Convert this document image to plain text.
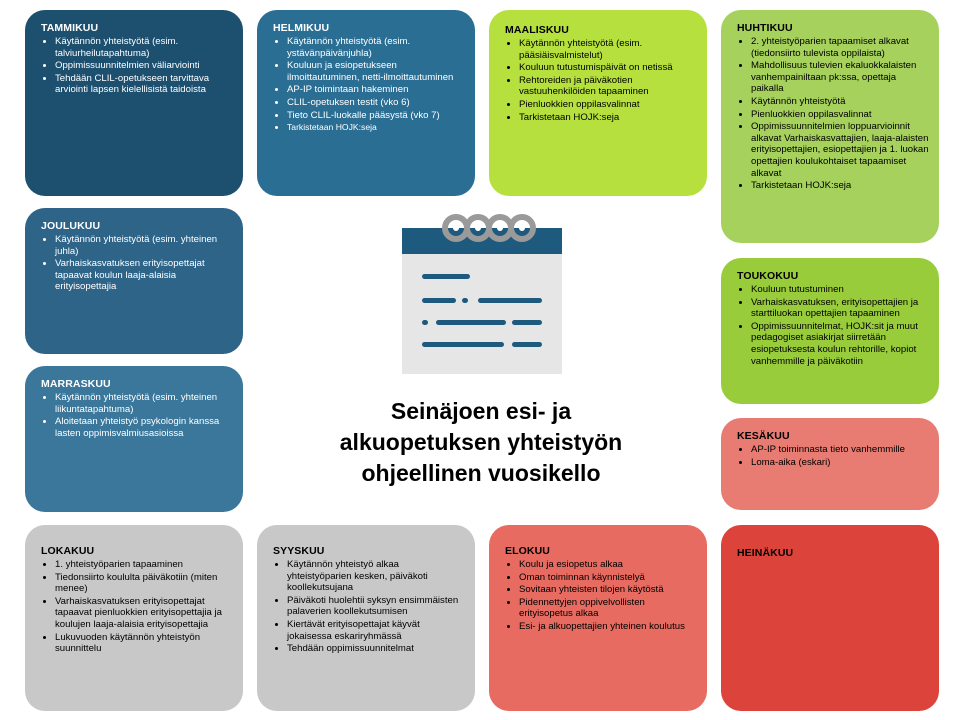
TAMMIKUU
• Käytännön yhteistyötä (esim. talviurheilutapahtuma)
• Oppimissuunnitelmien väliarviointi
• Tehdään CLIL-opetukseen tarvittava arviointi lapsen kielellisistä taidoista
HELMIKUU
• Käytännön yhteistyötä (esim. ystävänpäivänjuhla)
• Kouluun ja esiopetukseen ilmoittautuminen, netti-ilmoittautuminen
• AP-IP toimintaan hakeminen
• CLIL-opetuksen testit (vko 6)
• Tieto CLIL-luokalle pääsystä (vko 7)
• Tarkistetaan HOJK:seja
MAALISKUU
• Käytännön yhteistyötä (esim. pääsiäisvalmistelut)
• Kouluun tutustumispäivät on netissä
• Rehtoreiden ja päiväkotien vastuuhenkilöiden tapaaminen
• Pienluokkien oppilasvalinnat
• Tarkistetaan HOJK:seja
HUHTIKUU
• 2. yhteistyöparien tapaamiset alkavat (tiedonsiirto tulevista oppilaista)
• Mahdollisuus tulevien ekaluokkalaisten vanhempainiltaan pk:ssa, opettaja paikalla
• Käytännön yhteistyötä
• Pienluokkien oppilasvalinnat
• Oppimissuunnitelmien loppuarvioinnit alkavat Varhaiskasvattajien, laaja-alaisten erityisopettajien, esiopettajien ja 1. luokan opettajien koulukohtaiset tapaamiset alkavat
• Tarkistetaan HOJK:seja
JOULUKUU
• Käytännön yhteistyötä (esim. yhteinen juhla)
• Varhaiskasvatuksen erityisopettajat tapaavat koulun laaja-alaisia erityisopettajia
TOUKOKUU
• Kouluun tutustuminen
• Varhaiskasvatuksen, erityisopettajien ja starttiluokan opettajien tapaaminen
• Oppimissuunnitelmat, HOJK:sit ja muut pedagogiset asiakirjat siirretään esiopetuksesta koulun rehtorille, kopiot vanhemmille ja päiväkotiin
MARRASKUU
• Käytännön yhteistyötä (esim. yhteinen liikuntatapahtuma)
• Aloitetaan yhteistyö psykologin kanssa lasten oppimisvalmiusasioissa	KESÄKUU
• AP-IP toiminnasta tieto vanhemmille
• Loma-aika (eskari)
LOKAKUU
• 1. yhteistyöparien tapaaminen
• Tiedonsiirto koululta päiväkotiin (miten menee)
• Varhaiskasvatuksen erityisopettajat tapaavat pienluokkien erityisopettajia ja koulujen laaja-alaisia erityisopettajia
• Lukuvuoden käytännön yhteistyön suunnittelu
SYYSKUU
• Käytännön yhteistyö alkaa yhteistyöparien kesken, päiväkoti koollekutsujana
• Päiväkoti huolehtii syksyn ensimmäisten palaverien koollekutsumisen
• Kiertävät erityisopettajat käyvät jokaisessa eskariryhmässä
• Tehdään oppimissuunnitelmat
ELOKUU
• Koulu ja esiopetus alkaa
• Oman toiminnan käynnistelyä
• Sovitaan yhteisten tilojen käytöstä
• Pidennettyjen oppivelvollisten erityisopetus alkaa
• Esi- ja alkuopettajien yhteinen koulutus
HEINÄKUU
Seinäjoen esi- ja
alkuopetuksen yhteistyön
ohjeellinen vuosikello
